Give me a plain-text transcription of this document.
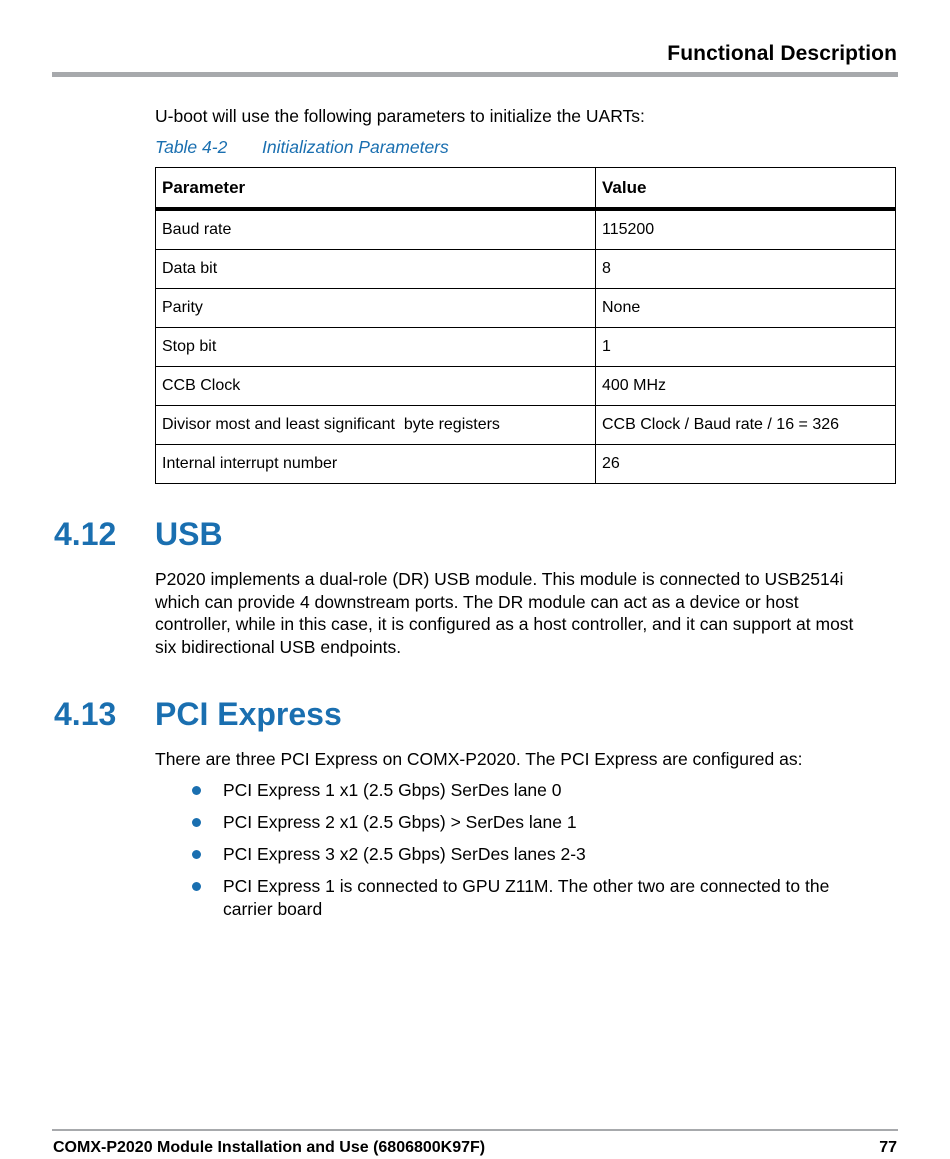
Functional Description
U-boot will use the following parameters to initialize the UARTs:
Table 4-2 Initialization Parameters
Parameter	Value
Baud rate	115200
Data bit	8
Parity	None
Stop bit	1
CCB Clock	400 MHz
Divisor most and least significant  byte registers	CCB Clock / Baud rate / 16 = 326
Internal interrupt number	26
4.12 USB
P2020 implements a dual-role (DR) USB module. This module is connected to USB2514i
which can provide 4 downstream ports. The DR module can act as a device or host
controller, while in this case, it is configured as a host controller, and it can support at most
six bidirectional USB endpoints.
4.13 PCI Express
There are three PCI Express on COMX-P2020. The PCI Express are configured as:
PCI Express 1 x1 (2.5 Gbps) SerDes lane 0
PCI Express 2 x1 (2.5 Gbps) > SerDes lane 1
PCI Express 3 x2 (2.5 Gbps) SerDes lanes 2-3
PCI Express 1 is connected to GPU Z11M. The other two are connected to the carrier board
COMX-P2020 Module Installation and Use (6806800K97F)	77
